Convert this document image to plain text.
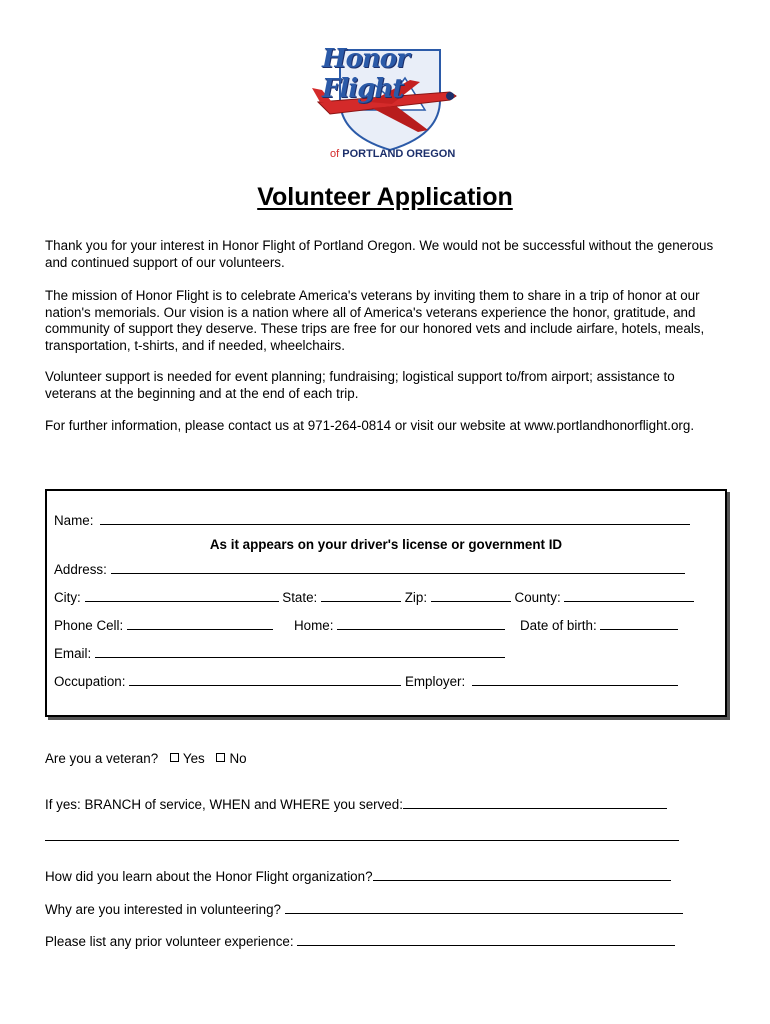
Honor Flight
of PORTLAND OREGON
Volunteer Application
Thank you for your interest in Honor Flight of Portland Oregon. We would not be successful without the generous and continued support of our volunteers.
The mission of Honor Flight is to celebrate America's veterans by inviting them to share in a trip of honor at our nation's memorials. Our vision is a nation where all of America's veterans experience the honor, gratitude, and community of support they deserve. These trips are free for our honored vets and include airfare, hotels, meals, transportation, t-shirts, and if needed, wheelchairs.
Volunteer support is needed for event planning; fundraising; logistical support to/from airport; assistance to veterans at the beginning and at the end of each trip.
For further information, please contact us at 971-264-0814 or visit our website at www.portlandhonorflight.org.
Name:
As it appears on your driver's license or government ID
Address:
City:	State:	Zip:	County:
Phone Cell:	Home:	Date of birth:
Email:
Occupation:	Employer:
Are you a veteran? Yes No
If yes: BRANCH of service, WHEN and WHERE you served:
How did you learn about the Honor Flight organization?
Why are you interested in volunteering?
Please list any prior volunteer experience:
